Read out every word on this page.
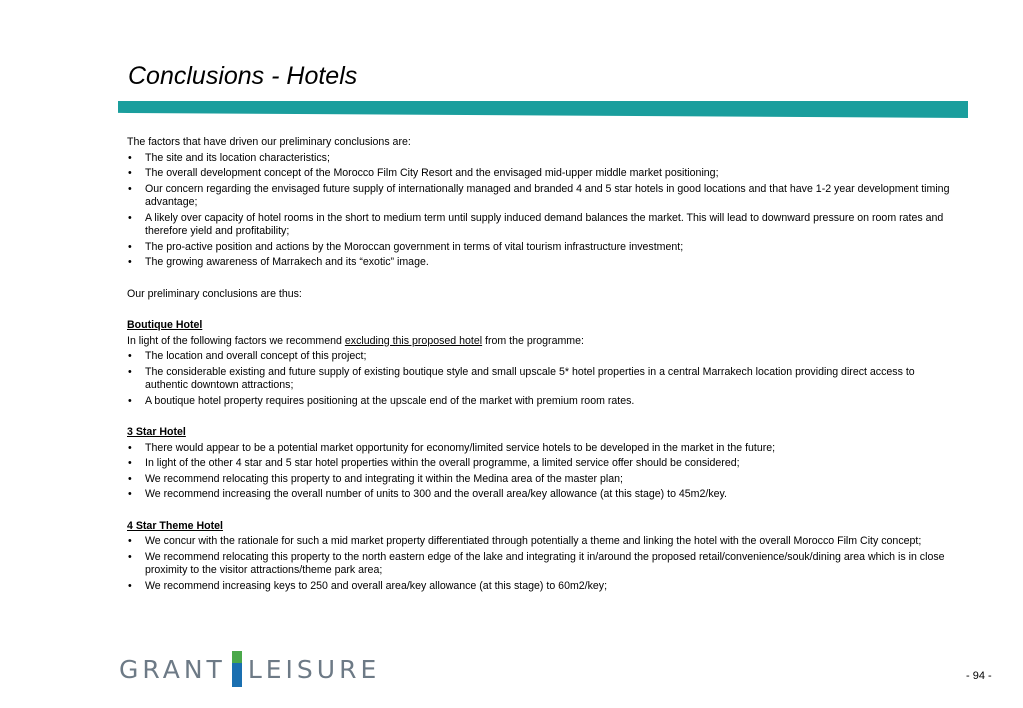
Conclusions - Hotels

The factors that have driven our preliminary conclusions are:

• The site and its location characteristics;
• The overall development concept of the Morocco Film City Resort and the envisaged mid-upper middle market positioning;
• Our concern regarding the envisaged future supply of internationally managed and branded 4 and 5 star hotels in good locations and that have 1-2 year development timing advantage;
• A likely over capacity of hotel rooms in the short to medium term until supply induced demand balances the market. This will lead to downward pressure on room rates and therefore yield and profitability;
• The pro-active position and actions by the Moroccan government in terms of vital tourism infrastructure investment;
• The growing awareness of Marrakech and its “exotic” image.

Our preliminary conclusions are thus:

Boutique Hotel

In light of the following factors we recommend excluding this proposed hotel from the programme:

• The location and overall concept of this project;
• The considerable existing and future supply of existing boutique style and small upscale 5* hotel properties in a central Marrakech location providing direct access to authentic downtown attractions;
• A boutique hotel property requires positioning at the upscale end of the market with premium room rates.
3 Star Hotel
• There would appear to be a potential market opportunity for economy/limited service hotels to be developed in the market in the future;
• In light of the other 4 star and 5 star hotel properties within the overall programme, a limited service offer should be considered;
• We recommend relocating this property to and integrating it within the Medina area of the master plan;
• We recommend increasing the overall number of units to 300 and the overall area/key allowance (at this stage) to 45m2/key.
4 Star Theme Hotel
• We concur with the rationale for such a mid market property differentiated through potentially a theme and linking the hotel with the overall Morocco Film City concept;
• We recommend relocating this property to the north eastern edge of the lake and integrating it in/around the proposed retail/convenience/souk/dining area which is in close proximity to the visitor attractions/theme park area;
• We recommend increasing keys to 250 and overall area/key allowance (at this stage) to 60m2/key;
GRANT LEISURE	- 94 -
